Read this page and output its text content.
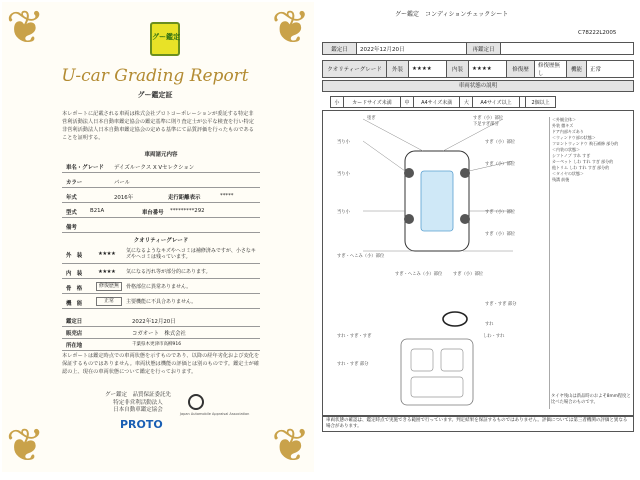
❦	❦
❦	❦
グー鑑定
U-car Grading Report
グー鑑定証
本レポートに記載される車両は株式会社プロトコーポレーションが委託する特定非営利活動法人日本自動車鑑定協会の鑑定基準に則り査定士が公平な検査を行い特定非営利活動法人日本自動車鑑定協会の定める基準にて品質評価を行ったものであることを証明する。
車両諸元内容
車名・グレード デイズルークス X Vセレクション
カラー	パール
年式	2016年	走行距離表示	*****
型式 B21A	車台番号 *********292
備考
クオリティーグレード
外　装	★★★★ 気になるようなキズやヘコミは補修済みですが、小さなキズやヘコミは残っています。
内　装	★★★★ 気になる汚れ等が部分的にあります。
骨　格	修復歴無	骨格部位に異常ありません。
機　能	正常	主要機能に不具合ありません。
鑑定日	2022年12月20日
販売店	コガオート　株式会社
所在地	千葉県木更津市高柳916
本レポートは鑑定時点での車両状態を示すものであり、以降の経年劣化および変化を保証するものではありません。車両状態は機能の評価とは別のものです。鑑定士が確認の上、現在の車両状態について鑑定を行っております。
グー鑑定　品質保証委託先
特定非営利活動法人
日本自動車鑑定協会
Japan Automobile Appraisal Association
PROTO
グー鑑定　コンディションチェックシート
C78222L2005
鑑定日	2022年12月20日	再鑑定日	
クオリティーグレード	外装	★★★★	内装	★★★★	修復歴	修復歴無し	機能	正常
車両状態の説明
小	カードサイズ未満	中	A4サイズ未満	大	A4サイズ以上		2個以上
塗ぎ	すぎ（小）部位
下足すぎ部分
当り小
当り小
すぎ（小）部位
すぎ（小）部位
当り小	すぎ（小）部位
すぎ（小）部位
すぎ・へこみ（小）部位
すぎ・へこみ（小）部位 すぎ（小）部位
すぎ・すぎ 部分
すれ
すれ・すぎ・すぎ
すれ・すぎ 部分
しわ・すれ
＜外観全体＞
外装 微キズ
ドア内部キズあり
＜ウィンドウ部の状態＞
フロントウィンドウ 飛石補修 部分的
＜内装の状態＞
シフトノブ すれ すぎ
カーペット しわ すれ すぎ 部分的
他トリム しわ すれ すぎ 部分的
＜タイヤの状態＞
残溝 前後
タイヤ残山は新品時のおよそ8mm程度と比べた場合のものです。
車両状態の確認は、鑑定時点で実施できる範囲で行っています。判定結果を保証するものではありません。評価については第三者機関の評価と異なる場合があります。
